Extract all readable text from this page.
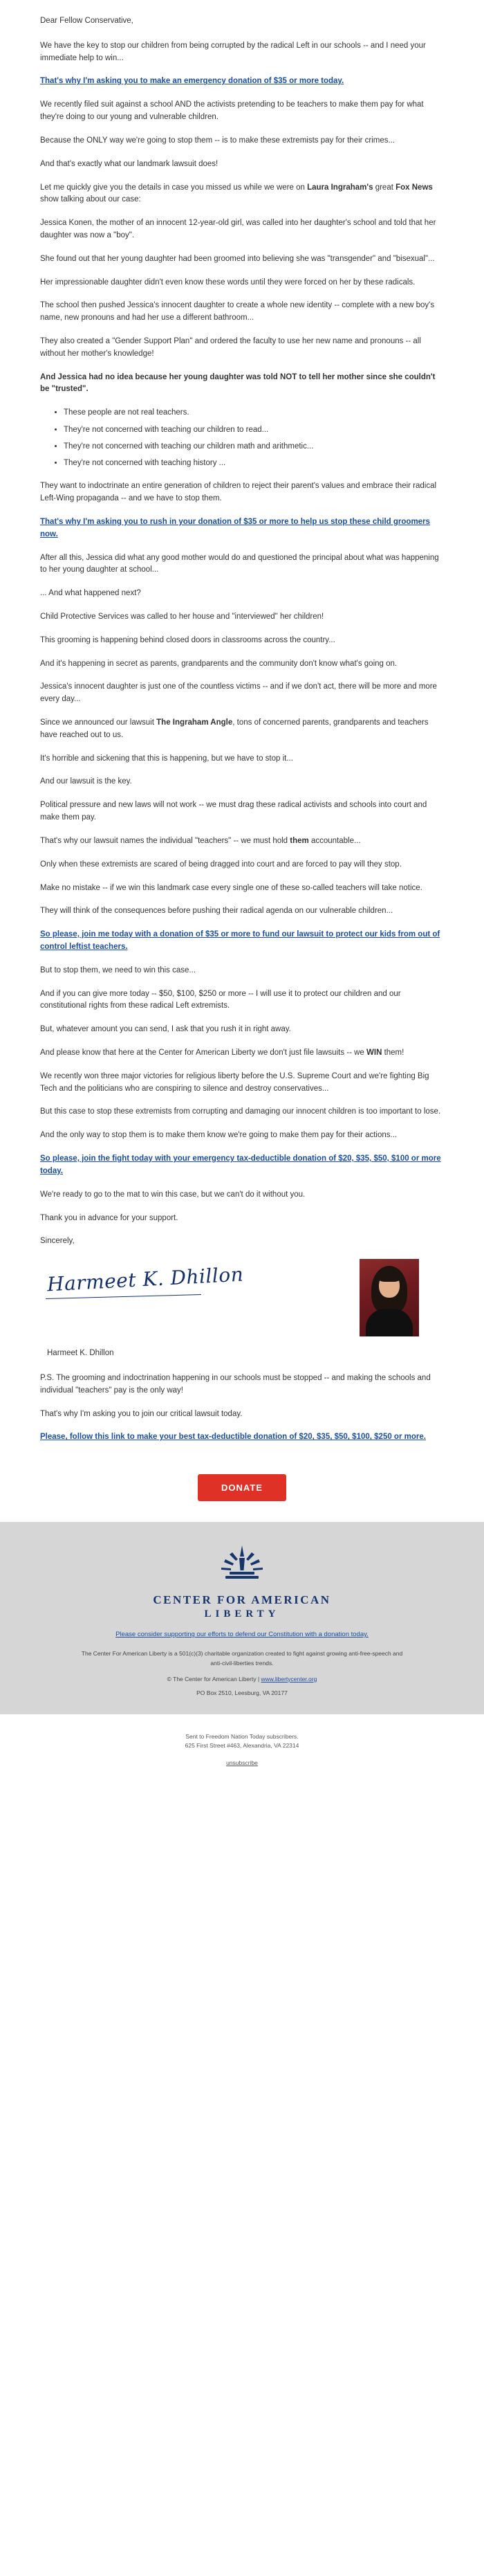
Dear Fellow Conservative,

We have the key to stop our children from being corrupted by the radical Left in our schools -- and I need your immediate help to win...

That's why I'm asking you to make an emergency donation of $35 or more today.

We recently filed suit against a school AND the activists pretending to be teachers to make them pay for what they're doing to our young and vulnerable children.

Because the ONLY way we're going to stop them -- is to make these extremists pay for their crimes...

And that's exactly what our landmark lawsuit does!

Let me quickly give you the details in case you missed us while we were on Laura Ingraham's great Fox News show talking about our case:

Jessica Konen, the mother of an innocent 12-year-old girl, was called into her daughter's school and told that her daughter was now a "boy".

She found out that her young daughter had been groomed into believing she was "transgender" and "bisexual"...

Her impressionable daughter didn't even know these words until they were forced on her by these radicals.

The school then pushed Jessica's innocent daughter to create a whole new identity -- complete with a new boy's name, new pronouns and had her use a different bathroom...

They also created a "Gender Support Plan" and ordered the faculty to use her new name and pronouns -- all without her mother's knowledge!

And Jessica had no idea because her young daughter was told NOT to tell her mother since she couldn't be "trusted".

• These people are not real teachers.
• They're not concerned with teaching our children to read...
• They're not concerned with teaching our children math and arithmetic...
• They're not concerned with teaching history ...

They want to indoctrinate an entire generation of children to reject their parent's values and embrace their radical Left-Wing propaganda -- and we have to stop them.

That's why I'm asking you to rush in your donation of $35 or more to help us stop these child groomers now.

After all this, Jessica did what any good mother would do and questioned the principal about what was happening to her young daughter at school...

... And what happened next?

Child Protective Services was called to her house and "interviewed" her children!

This grooming is happening behind closed doors in classrooms across the country...

And it's happening in secret as parents, grandparents and the community don't know what's going on.

Jessica's innocent daughter is just one of the countless victims -- and if we don't act, there will be more and more every day...

Since we announced our lawsuit The Ingraham Angle, tons of concerned parents, grandparents and teachers have reached out to us.

It's horrible and sickening that this is happening, but we have to stop it...

And our lawsuit is the key.

Political pressure and new laws will not work -- we must drag these radical activists and schools into court and make them pay.

That's why our lawsuit names the individual "teachers" -- we must hold them accountable...

Only when these extremists are scared of being dragged into court and are forced to pay will they stop.

Make no mistake -- if we win this landmark case every single one of these so-called teachers will take notice.

They will think of the consequences before pushing their radical agenda on our vulnerable children...

So please, join me today with a donation of $35 or more to fund our lawsuit to protect our kids from out of control leftist teachers.

But to stop them, we need to win this case...

And if you can give more today -- $50, $100, $250 or more -- I will use it to protect our children and our constitutional rights from these radical Left extremists.

But, whatever amount you can send, I ask that you rush it in right away.

And please know that here at the Center for American Liberty we don't just file lawsuits -- we WIN them!

We recently won three major victories for religious liberty before the U.S. Supreme Court and we're fighting Big Tech and the politicians who are conspiring to silence and destroy conservatives...

But this case to stop these extremists from corrupting and damaging our innocent children is too important to lose.

And the only way to stop them is to make them know we're going to make them pay for their actions...

So please, join the fight today with your emergency tax-deductible donation of $20, $35, $50, $100 or more today.

We're ready to go to the mat to win this case, but we can't do it without you.

Thank you in advance for your support.

Sincerely,

Harmeet K. Dhillon
Harmeet K. Dhillon

P.S. The grooming and indoctrination happening in our schools must be stopped -- and making the schools and individual "teachers" pay is the only way!

That's why I'm asking you to join our critical lawsuit today.

Please, follow this link to make your best tax-deductible donation of $20, $35, $50, $100, $250 or more.

DONATE
CENTER FOR AMERICAN
LIBERTY
Please consider supporting our efforts to defend our Constitution with a donation today.
The Center For American Liberty is a 501(c)(3) charitable organization created to fight against growing anti-free-speech and anti-civil-liberties trends.
© The Center for American Liberty | www.libertycenter.org
PO Box 2510, Leesburg, VA 20177
Sent to Freedom Nation Today subscribers.
625 First Street #463, Alexandria, VA 22314
unsubscribe
